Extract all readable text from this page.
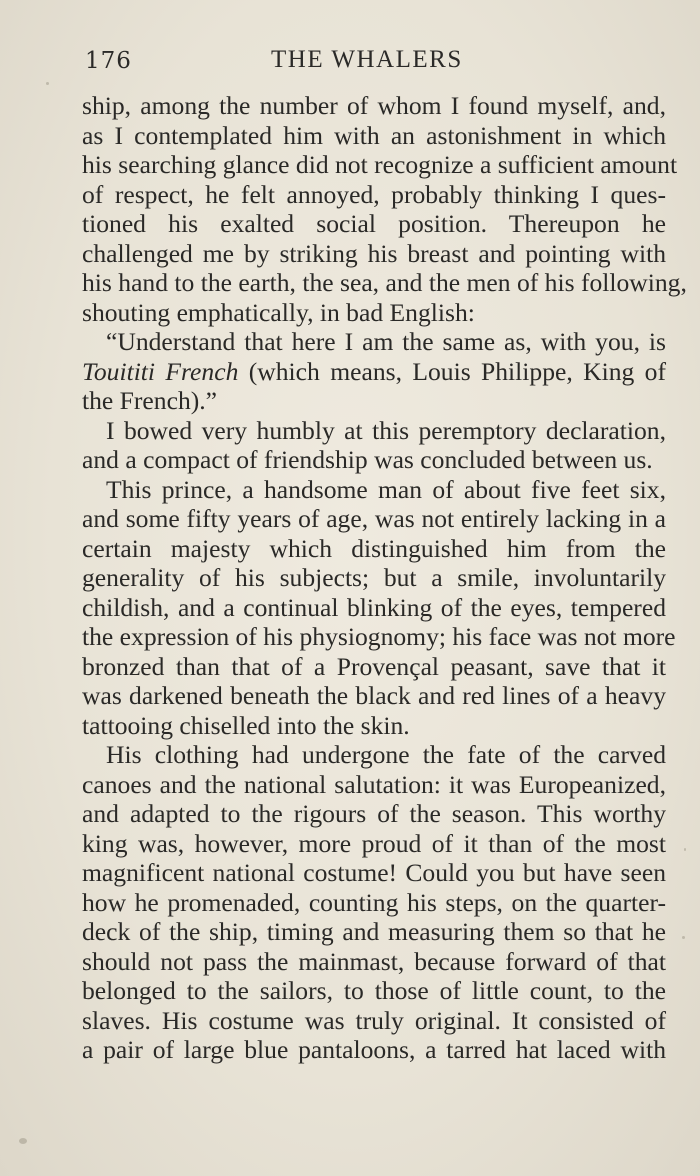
176	THE WHALERS
ship, among the number of whom I found myself, and,
as I contemplated him with an astonishment in which
his searching glance did not recognize a sufficient amount
of respect, he felt annoyed, probably thinking I ques-
tioned his exalted social position. Thereupon he
challenged me by striking his breast and pointing with
his hand to the earth, the sea, and the men of his following,
shouting emphatically, in bad English:
“Understand that here I am the same as, with you, is
Touititi French (which means, Louis Philippe, King of
the French).”
I bowed very humbly at this peremptory declaration,
and a compact of friendship was concluded between us.
This prince, a handsome man of about five feet six,
and some fifty years of age, was not entirely lacking in a
certain majesty which distinguished him from the
generality of his subjects; but a smile, involuntarily
childish, and a continual blinking of the eyes, tempered
the expression of his physiognomy; his face was not more
bronzed than that of a Provençal peasant, save that it
was darkened beneath the black and red lines of a heavy
tattooing chiselled into the skin.
His clothing had undergone the fate of the carved
canoes and the national salutation: it was Europeanized,
and adapted to the rigours of the season. This worthy
king was, however, more proud of it than of the most
magnificent national costume! Could you but have seen
how he promenaded, counting his steps, on the quarter-
deck of the ship, timing and measuring them so that he
should not pass the mainmast, because forward of that
belonged to the sailors, to those of little count, to the
slaves. His costume was truly original. It consisted of
a pair of large blue pantaloons, a tarred hat laced with
